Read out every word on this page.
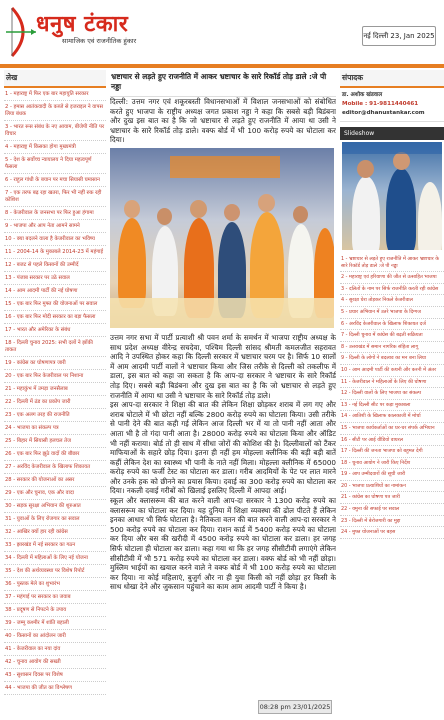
धनुष टंकार
सामाजिक एवं राजनीतिक हुंकार
नई दिल्ली 23, Jan 2025
लेख
1 - महाराष्ट्र में फिर एक बार महायुति सरकार
2 - हमास आतंकवादी के कब्जे से इजराइल ने वापस लिया बंधक
3 - भारत रूस संबंध के नए आयाम, बीजेपी नीति पर विचार
4 - महाराष्ट्र में किसका होगा मुख्यमंत्री
5 - देश के सर्वोच्च न्यायालय ने दिया महत्वपूर्ण फैसला
6 - राहुल गांधी के बयान पर मचा सियासी घमासान
7 - एक तरफ बढ़ रहा खतरा, फिर भी नहीं रुक रही कोशिश
8 - केजरीवाल के जनसभा पर फिर हुआ हंगामा
9 - भाजपा और आप नेता आमने सामने
10 - क्या बदलने वाला है केजरीवाल का भविष्य
11 - 2004-14 के मुकाबले 2014-23 में महंगाई
12 - बजट से पहले किसानों की उम्मीदें
13 - पंजाब सरकार पर उठे सवाल
14 - आम आदमी पार्टी की नई घोषणा
15 - एक बार फिर मुफ्त की योजनाओं पर सवाल
16 - एक बार फिर मोदी सरकार का बड़ा फैसला
17 - भारत और अमेरिका के संबंध
18 - दिल्ली चुनाव 2025: सभी दलों ने झोंकी ताकत
19 - कांग्रेस का घोषणापत्र जारी
20 - एक बार फिर केजरीवाल पर निशाना
21 - महाकुंभ में उमड़ा जनसैलाब
22 - दिल्ली में ठंड का प्रकोप जारी
23 - एक अलग तरह की राजनीति
24 - भाजपा का संकल्प पत्र
25 - बिहार में सियासी हलचल तेज
26 - एक बार फिर झूठे वादों की बौछार
27 - अरविंद केजरीवाल के खिलाफ शिकायत
28 - सरकार की योजनाओं का असर
29 - एक और चुनाव, एक और वादा
30 - सड़क सुरक्षा अभियान की शुरुआत
31 - युवाओं के लिए रोजगार का सवाल
32 - आखिर क्यों हार रही कांग्रेस
33 - झारखंड में नई सरकार का गठन
34 - दिल्ली में महिलाओं के लिए नई योजना
35 - देश की अर्थव्यवस्था पर विशेष रिपोर्ट
36 - पुस्तक मेले का शुभारंभ
37 - महंगाई पर सरकार का जवाब
38 - प्रदूषण से निपटने के उपाय
39 - जम्मू कश्मीर में शांति बहाली
40 - किसानों का आंदोलन जारी
41 - केजरीवाल का नया दांव
42 - चुनाव आयोग की सख्ती
43 - सुशासन दिवस पर विशेष
44 - भाजपा की जीत का विश्लेषण
भ्रष्टाचार से लड़ते हुए राजनीति में आकर भ्रष्टाचार के सारे रिकॉर्ड तोड़ डाले :जे पी नड्डा
दिल्ली: उत्तम नगर एवं शकूरबस्ती विधानसभाओं में विशाल जनसभाओं को संबोधित करते हुए भाजपा के राष्ट्रीय अध्यक्ष जगत प्रकाश नड्डा ने कहा कि सबसे बड़ी बिडंबना और दुख इस बात का है कि जो भ्रष्टाचार से लड़ते हुए राजनीति में आया था उसी ने भ्रष्टाचार के सारे रिकॉर्ड तोड़ डाले। वक्फ बोर्ड में भी 100 करोड़ रुपये का घोटाला कर दिया।
उत्तम नगर सभा में पार्टी प्रत्याशी श्री पवन शर्मा के समर्थन में भाजपा राष्ट्रीय अध्यक्ष के साथ प्रदेश अध्यक्ष वीरेन्द्र सचदेवा, पश्चिम दिल्ली सांसद श्रीमती कमलजीत सहरावत आदि ने उपस्थित होकर कहा कि दिल्ली सरकार में भ्रष्टाचार चरम पर है। सिर्फ 10 सालों में आम आदमी पार्टी वालों ने भ्रष्टाचार किया और जिस तरीके से दिल्ली को तकलीफ में डाला, इस बात को कहा जा सकता है कि आप-दा सरकार ने भ्रष्टाचार के सारे रिकॉर्ड तोड़ दिए। सबसे बड़ी बिडंबना और दुख इस बात का है कि जो भ्रष्टाचार से लड़ते हुए राजनीति में आया था उसी ने भ्रष्टाचार के सारे रिकॉर्ड तोड़ डाले।
इस आप-दा सरकार ने शिक्षा की बात की लेकिन शिक्षा छोड़कर शराब में लग गए और शराब घोटाले में भी छोटा नहीं बल्कि 2800 करोड़ रुपये का घोटाला किया। उसी तरीके से पानी देने की बात कही गई लेकिन आज दिल्ली भर में या तो पानी नहीं आता और आता भी है तो गंदा पानी आता है। 28000 करोड़ रुपये का घोटाला किया और ऑडिट भी नहीं कराया। बोर्ड तो ही साथ में सीधा जोरों की कोशिश की है। दिल्लीवालों को टैंकर माफियाओं के सहारे छोड़ दिया। इतना ही नहीं हम मोहल्ला क्लीनिक की बड़ी बड़ी बातें कहीं लेकिन देश का स्वास्थ्य भी पानी के नाते नहीं मिला। मोहल्ला क्लीनिक में 65000 करोड़ रुपये का फर्जी टेस्ट का घोटाला कर डाला। गरीब आदमियों के पेट पर लात मारने और उनके हक को छीनने का प्रयास किया। दवाई का 300 करोड़ रुपये का घोटाला कर दिया। नकली दवाई गरीबों को खिलाई इसलिए दिल्ली में आपदा आई।
स्कूल और क्लासरूम की बात करने वाली आप-दा सरकार ने 1300 करोड़ रुपये का क्लासरूम का घोटाला कर दिया। यह दुनिया में शिक्षा व्यवस्था की ढोल पीटते हैं लेकिन इनका आधार भी सिर्फ घोटाला है। नैतिकता वतन की बात करने वाली आप-दा सरकार ने 500 करोड़ रुपये का घोटाला कर दिया। राशन कार्ड में 5400 करोड़ रुपये का घोटाला कर दिया और बस की खरीदी में 4500 करोड़ रुपये का घोटाला कर डाला। हर जगह सिर्फ घोटाला ही घोटाला कर डाला। कहा गया था कि हर जगह सीसीटीवी लगाएंगे लेकिन सीसीटीवी में भी 571 करोड़ रुपये का घोटाला कर डाला। वक्फ बोर्ड को भी नहीं छोड़ा। मुस्लिम भाईयों का खयाल करने वाले ने वक्फ बोर्ड में भी 100 करोड़ रुपये का घोटाला कर दिया। ना कोई महिलाएं, बुजुर्ग और ना ही युवा किसी को नहीं छोड़ा हर किसी के साथ धोखा देने और जुकसान पहुंचाने का काम आम आदमी पार्टी ने किया है।
08:28 pm 23/01/2025
संपादक
डा. अशोक खंडवाल
Mobile : 91-9811440461
editor@dhanustankar.com
Slideshow
1 - भ्रष्टाचार से लड़ते हुए राजनीति में आकर भ्रष्टाचार के सारे रिकॉर्ड तोड़ डाले :जे पी नड्डा
2 - महाराष्ट्र एवं हरियाणा की जीत से उत्साहित भाजपा
3 - दलितों के नाम पर सिर्फ राजनीति करती रही कांग्रेस
4 - सुरक्षा घेरा तोड़कर निकले केजरीवाल
5 - प्रचार अभियान में उतरे भाजपा के दिग्गज
6 - अरविंद केजरीवाल के खिलाफ शिकायत दर्ज
7 - दिल्ली चुनाव में कांग्रेस की बढ़ती सक्रियता
8 - उत्तराखंड में समान नागरिक संहिता लागू
9 - दिल्ली के लोगों ने बदलाव का मन बना लिया
10 - आम आदमी पार्टी की कथनी और करनी में अंतर
11 - केजरीवाल ने महिलाओं के लिए की घोषणा
12 - दिल्ली वालों के लिए भाजपा का संकल्प
13 - नई दिल्ली सीट पर कड़ा मुकाबला
14 - आतिशी के खिलाफ कालकाजी में मोर्चा
15 - भाजपा कार्यकर्ताओं का घर-घर संपर्क अभियान
16 - सीटी पर आई वीडियो वायरल
17 - दिल्ली की जनता भाजपा को बहुमत देगी
18 - चुनाव आयोग ने जारी किए निर्देश
19 - आप उम्मीदवारों की सूची जारी
20 - भाजपा प्रत्याशियों का नामांकन
21 - कांग्रेस का घोषणा पत्र जारी
22 - यमुना की सफाई पर सवाल
23 - दिल्ली में बेरोजगारी का मुद्दा
24 - मुफ्त योजनाओं पर बहस
